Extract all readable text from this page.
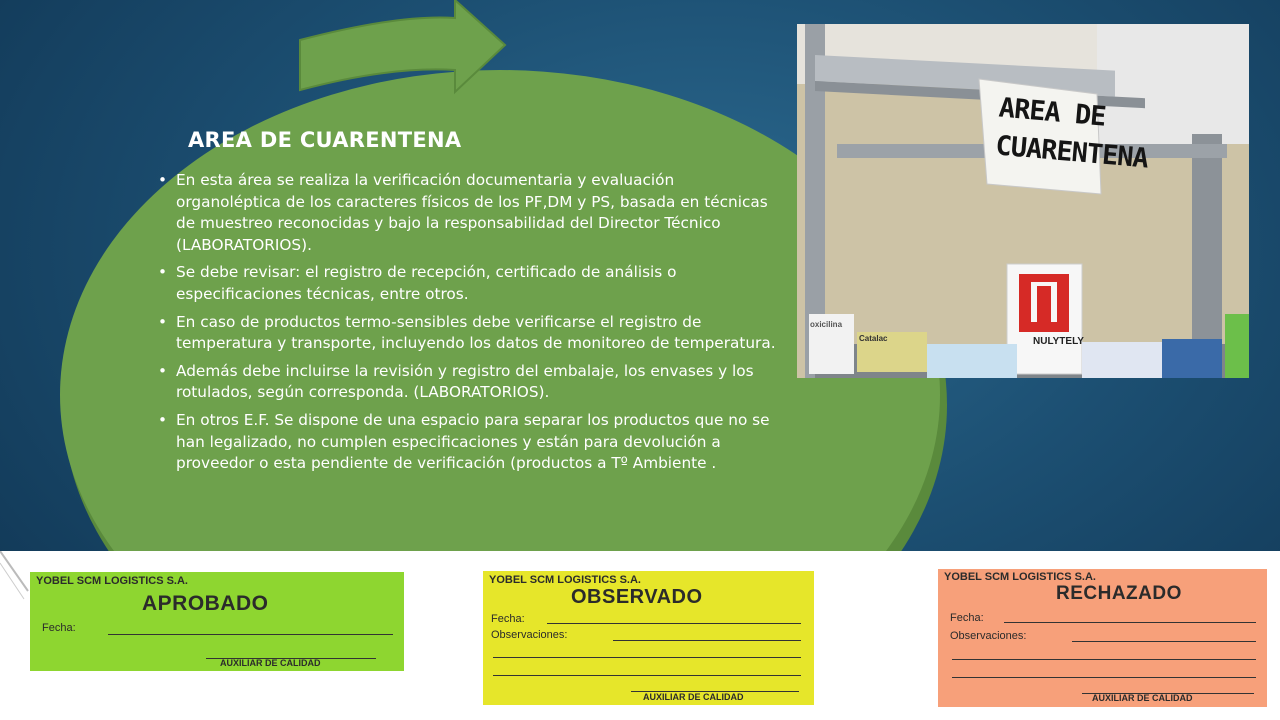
AREA DE CUARENTENA
• En esta área se realiza la verificación documentaria y evaluación organoléptica de los caracteres físicos de los PF,DM y PS, basada en técnicas de muestreo reconocidas y bajo la responsabilidad del Director Técnico (LABORATORIOS).
• Se debe revisar: el registro de recepción, certificado de análisis o especificaciones técnicas, entre otros.
• En caso de productos termo-sensibles debe verificarse el registro de temperatura y transporte, incluyendo los datos de monitoreo de temperatura.
• Además debe incluirse la revisión y registro del embalaje, los envases y los rotulados, según corresponda. (LABORATORIOS).
• En otros E.F. Se dispone de una espacio para separar los productos que no se han legalizado, no cumplen especificaciones y están para devolución a proveedor o esta pendiente de verificación (productos a Tº Ambiente .
AREA DE
CUARENTENA
NULYTELY
Catalac
oxicilina
YOBEL SCM LOGISTICS S.A.
APROBADO
Fecha:
AUXILIAR DE CALIDAD
YOBEL SCM LOGISTICS S.A.
OBSERVADO
Fecha:
Observaciones:
AUXILIAR DE CALIDAD
YOBEL SCM LOGISTICS S.A.
RECHAZADO
Fecha:
Observaciones:
AUXILIAR DE CALIDAD
